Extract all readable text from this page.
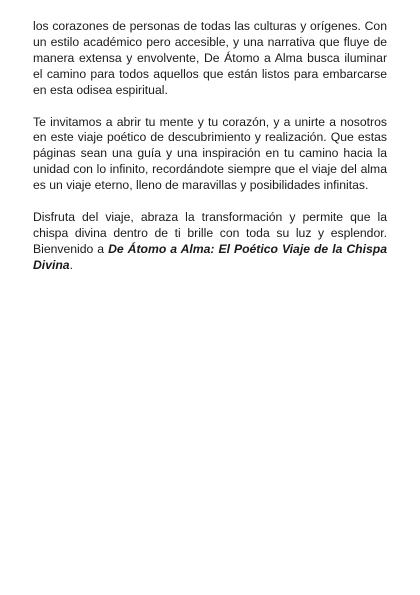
los corazones de personas de todas las culturas y orígenes. Con un estilo académico pero accesible, y una narrativa que fluye de manera extensa y envolvente, De Átomo a Alma busca iluminar el camino para todos aquellos que están listos para embarcarse en esta odisea espiritual.

Te invitamos a abrir tu mente y tu corazón, y a unirte a nosotros en este viaje poético de descubrimiento y realización. Que estas páginas sean una guía y una inspiración en tu camino hacia la unidad con lo infinito, recordándote siempre que el viaje del alma es un viaje eterno, lleno de maravillas y posibilidades infinitas.

Disfruta del viaje, abraza la transformación y permite que la chispa divina dentro de ti brille con toda su luz y esplendor. Bienvenido a De Átomo a Alma: El Poético Viaje de la Chispa Divina.
